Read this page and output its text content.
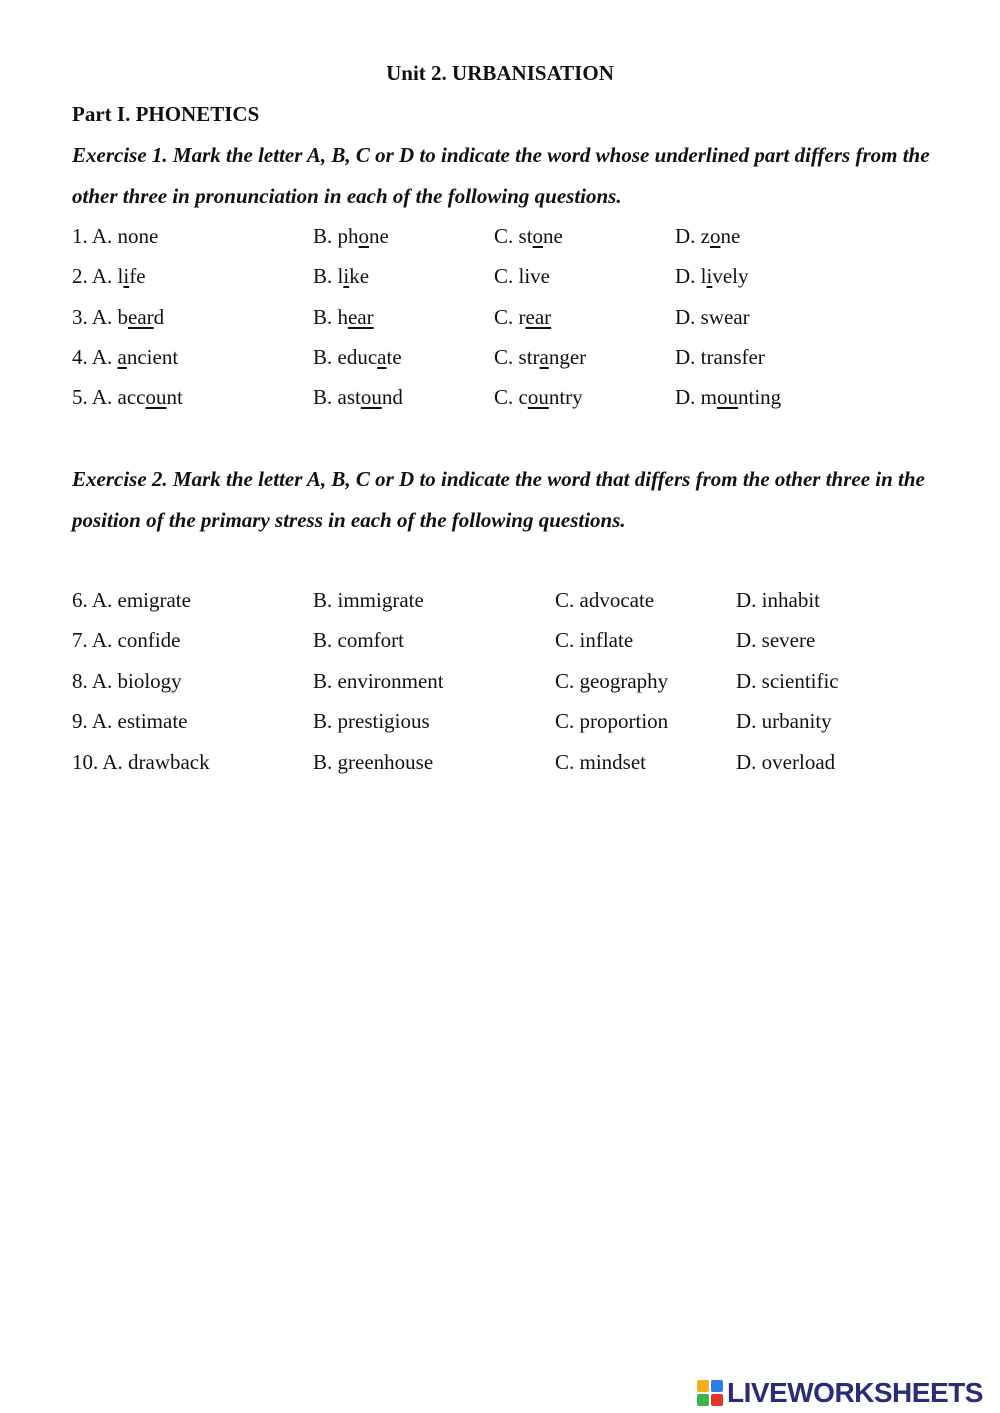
Unit 2. URBANISATION
Part I. PHONETICS

Exercise 1. Mark the letter A, B, C or D to indicate the word whose underlined part differs from the other three in pronunciation in each of the following questions.

1. A. none	B. phone	C. stone	D. zone
2. A. life	B. like	C. live	D. lively
3. A. beard	B. hear	C. rear	D. swear
4. A. ancient	B. educate	C. stranger	D. transfer
5. A. account	B. astound	C. country	D. mounting

Exercise 2. Mark the letter A, B, C or D to indicate the word that differs from the other three in the position of the primary stress in each of the following questions.

6. A. emigrate	B. immigrate	C. advocate	D. inhabit
7. A. confide	B. comfort	C. inflate	D. severe
8. A. biology	B. environment	C. geography	D. scientific
9. A. estimate	B. prestigious	C. proportion	D. urbanity
10. A. drawback	B. greenhouse	C. mindset	D. overload
LIVEWORKSHEETS
